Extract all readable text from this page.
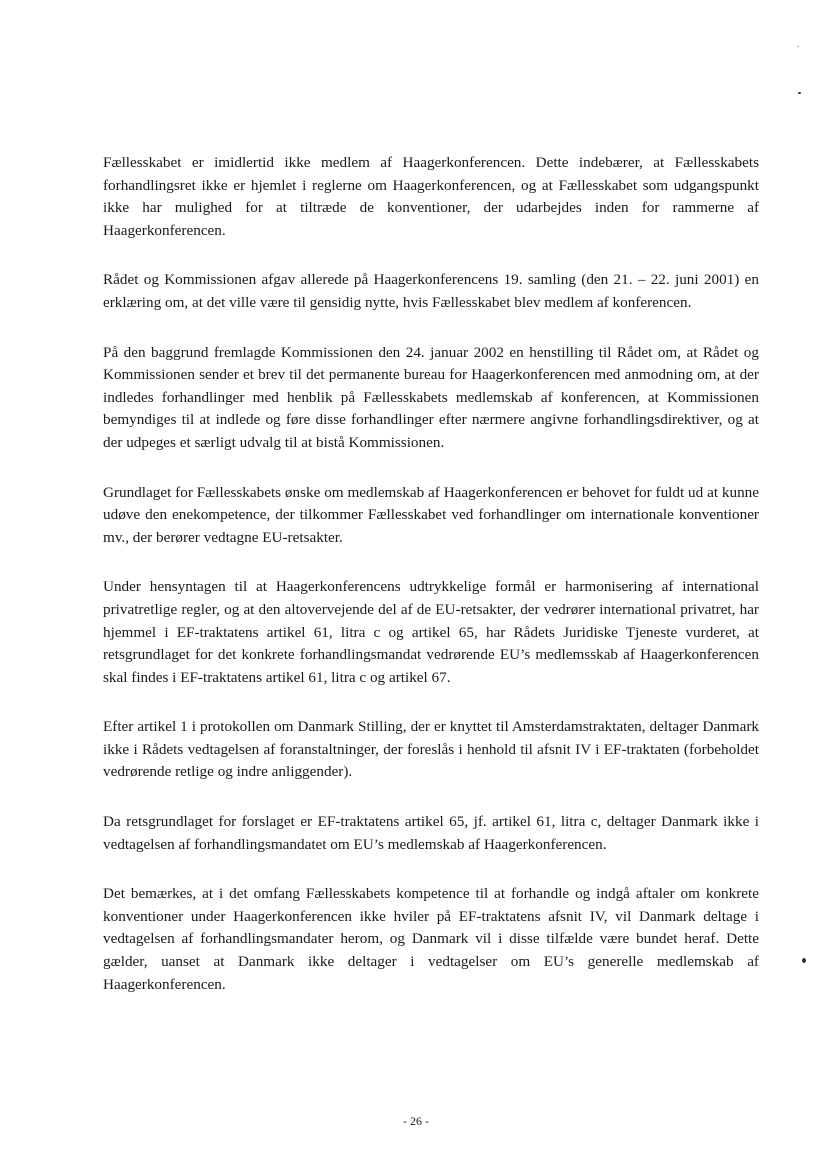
Fællesskabet er imidlertid ikke medlem af Haagerkonferencen. Dette indebærer, at Fællesskabets forhandlingsret ikke er hjemlet i reglerne om Haagerkonferencen, og at Fællesskabet som udgangspunkt ikke har mulighed for at tiltræde de konventioner, der udarbejdes inden for rammerne af Haagerkonferencen.

Rådet og Kommissionen afgav allerede på Haagerkonferencens 19. samling (den 21. – 22. juni 2001) en erklæring om, at det ville være til gensidig nytte, hvis Fællesskabet blev medlem af konferencen.

På den baggrund fremlagde Kommissionen den 24. januar 2002 en henstilling til Rådet om, at Rådet og Kommissionen sender et brev til det permanente bureau for Haagerkonferencen med anmodning om, at der indledes forhandlinger med henblik på Fællesskabets medlemskab af konferencen, at Kommissionen bemyndiges til at indlede og føre disse forhandlinger efter nærmere angivne forhandlingsdirektiver, og at der udpeges et særligt udvalg til at bistå Kommissionen.

Grundlaget for Fællesskabets ønske om medlemskab af Haagerkonferencen er behovet for fuldt ud at kunne udøve den enekompetence, der tilkommer Fællesskabet ved forhandlinger om internationale konventioner mv., der berører vedtagne EU-retsakter.

Under hensyntagen til at Haagerkonferencens udtrykkelige formål er harmonisering af international privatretlige regler, og at den altovervejende del af de EU-retsakter, der vedrører international privatret, har hjemmel i EF-traktatens artikel 61, litra c og artikel 65, har Rådets Juridiske Tjeneste vurderet, at retsgrundlaget for det konkrete forhandlingsmandat vedrørende EU’s medlemsskab af Haagerkonferencen skal findes i EF-traktatens artikel 61, litra c og artikel 67.

Efter artikel 1 i protokollen om Danmark Stilling, der er knyttet til Amsterdamstraktaten, deltager Danmark ikke i Rådets vedtagelsen af foranstaltninger, der foreslås i henhold til afsnit IV i EF-traktaten (forbeholdet vedrørende retlige og indre anliggender).

Da retsgrundlaget for forslaget er EF-traktatens artikel 65, jf. artikel 61, litra c, deltager Danmark ikke i vedtagelsen af forhandlingsmandatet om EU’s medlemskab af Haagerkonferencen.

Det bemærkes, at i det omfang Fællesskabets kompetence til at forhandle og indgå aftaler om konkrete konventioner under Haagerkonferencen ikke hviler på EF-traktatens afsnit IV, vil Danmark deltage i vedtagelsen af forhandlingsmandater herom, og Danmark vil i disse tilfælde være bundet heraf. Dette gælder, uanset at Danmark ikke deltager i vedtagelser om EU’s generelle medlemskab af Haagerkonferencen.

- 26 -
